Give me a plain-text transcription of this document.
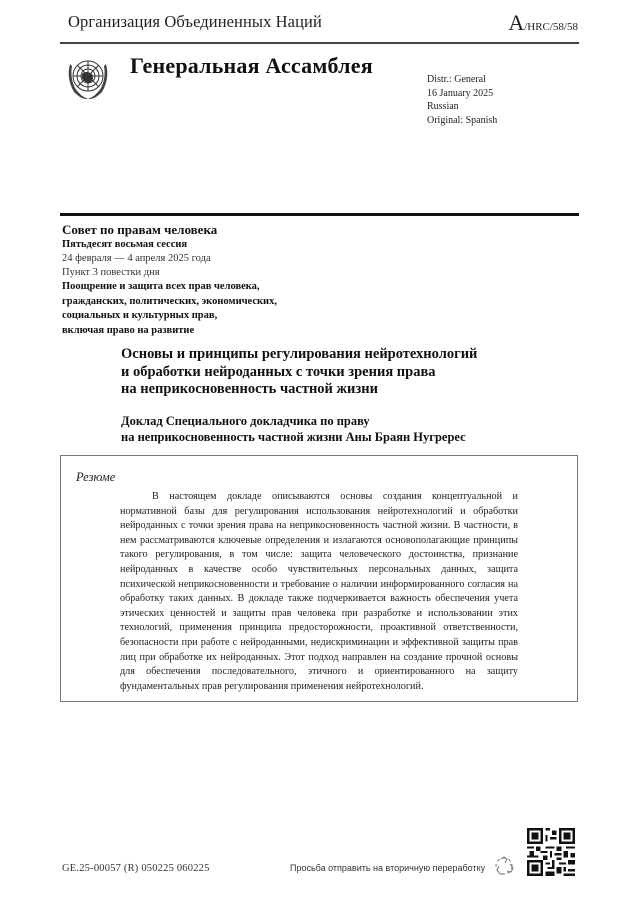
Организация Объединенных Наций	A/HRC/58/58
Генеральная Ассамблея
Distr.: General
16 January 2025
Russian
Original: Spanish
Совет по правам человека
Пятьдесят восьмая сессия
24 февраля — 4 апреля 2025 года
Пункт 3 повестки дня
Поощрение и защита всех прав человека,
гражданских, политических, экономических,
социальных и культурных прав,
включая право на развитие
Основы и принципы регулирования нейротехнологий
и обработки нейроданных с точки зрения права
на неприкосновенность частной жизни
Доклад Специального докладчика по праву
на неприкосновенность частной жизни Аны Браян Нугререс
Резюме
В настоящем докладе описываются основы создания концептуальной и нормативной базы для регулирования использования нейротехнологий и обработки нейроданных с точки зрения права на неприкосновенность частной жизни. В частности, в нем рассматриваются ключевые определения и излагаются основополагающие принципы такого регулирования, в том числе: защита человеческого достоинства, признание нейроданных в качестве особо чувствительных персональных данных, защита психической неприкосновенности и требование о наличии информированного согласия на обработку таких данных. В докладе также подчеркивается важность обеспечения учета этических ценностей и защиты прав человека при разработке и использовании этих технологий, применения принципа предосторожности, проактивной ответственности, безопасности при работе с нейроданными, недискриминации и эффективной защиты прав лиц при обработке их нейроданных. Этот подход направлен на создание прочной основы для обеспечения последовательного, этичного и ориентированного на защиту фундаментальных прав регулирования применения нейротехнологий.
GE.25-00057 (R) 050225 060225	Просьба отправить на вторичную переработку
